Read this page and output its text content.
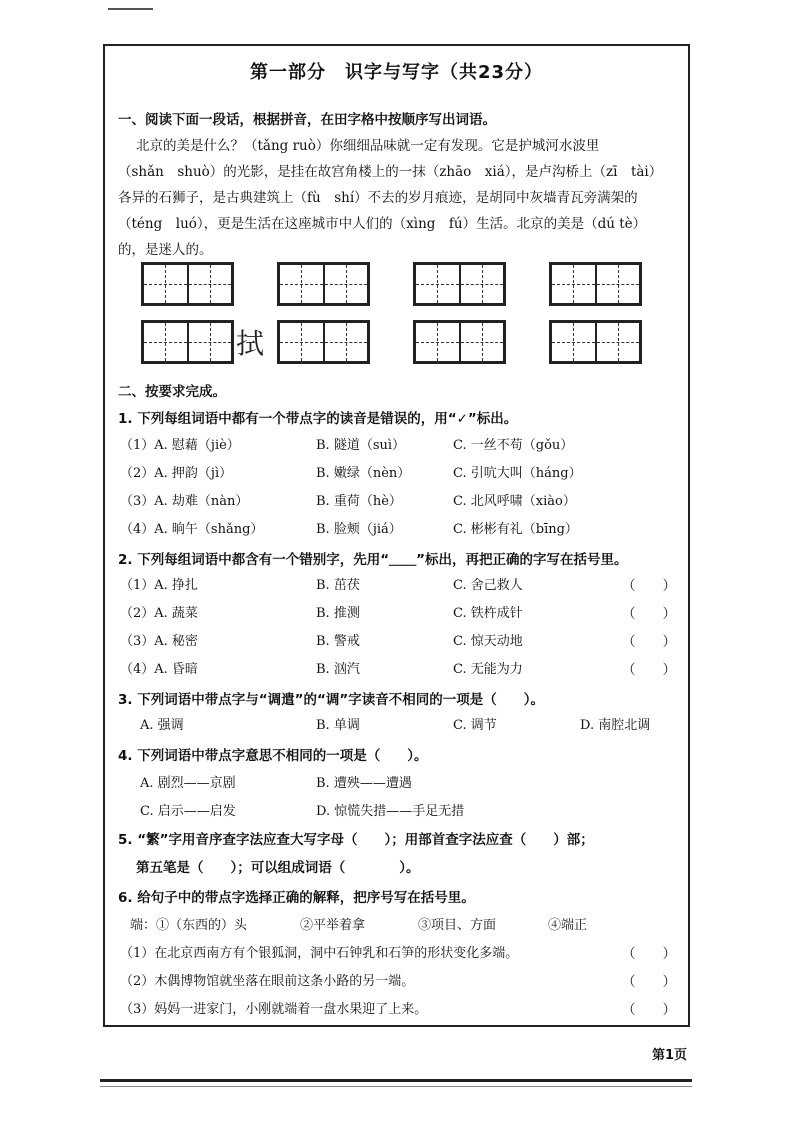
第一部分　识字与写字（共23分）
一、阅读下面一段话，根据拼音，在田字格中按顺序写出词语。
北京的美是什么？（tǎng ruò）你细细品味就一定有发现。它是护城河水波里
（shǎn　shuò）的光影，是挂在故宫角楼上的一抹（zhāo　xiá），是卢沟桥上（zī　tài）
各异的石狮子，是古典建筑上（fù　shí）不去的岁月痕迹，是胡同中灰墙青瓦旁满架的
（téng　luó），更是生活在这座城市中人们的（xìng　fú）生活。北京的美是（dú tè）
的，是迷人的。
拭
二、按要求完成。
1. 下列每组词语中都有一个带点字的读音是错误的，用“✓”标出。
（1）A. 慰藉（jiè）	B. 隧道（suì）	C. 一丝不苟（gǒu）
（2）A. 押韵（jì）	B. 嫩绿（nèn）	C. 引吭大叫（háng）
（3）A. 劫难（nàn）	B. 重荷（hè）	C. 北风呼啸（xiào）
（4）A. 晌午（shǎng）	B. 脸颊（jiá）	C. 彬彬有礼（bīng）
2. 下列每组词语中都含有一个错别字，先用“＿＿”标出，再把正确的字写在括号里。
（1）A. 挣扎	B. 茁茯	C. 舍己救人	（　　）
（2）A. 蔬菜	B. 推测	C. 铁杵成针	（　　）
（3）A. 秘密	B. 警戒	C. 惊天动地	（　　）
（4）A. 昏暗	B. 汹汽	C. 无能为力	（　　）
3. 下列词语中带点字与“调遣”的“调”字读音不相同的一项是（　　）。
A. 强调	B. 单调	C. 调节	D. 南腔北调
4. 下列词语中带点字意思不相同的一项是（　　）。
A. 剧烈——京剧	B. 遭殃——遭遇
C. 启示——启发	D. 惊慌失措——手足无措
5. “繁”字用音序查字法应查大写字母（　　）；用部首查字法应查（　　）部；
第五笔是（　　）；可以组成词语（　　　　）。
6. 给句子中的带点字选择正确的解释，把序号写在括号里。
端：①（东西的）头	②平举着拿	③项目、方面	④端正
（1）在北京西南方有个银狐洞，洞中石钟乳和石笋的形状变化多端。	（　　）
（2）木偶博物馆就坐落在眼前这条小路的另一端。	（　　）
（3）妈妈一进家门，小刚就端着一盘水果迎了上来。	（　　）
第1页
